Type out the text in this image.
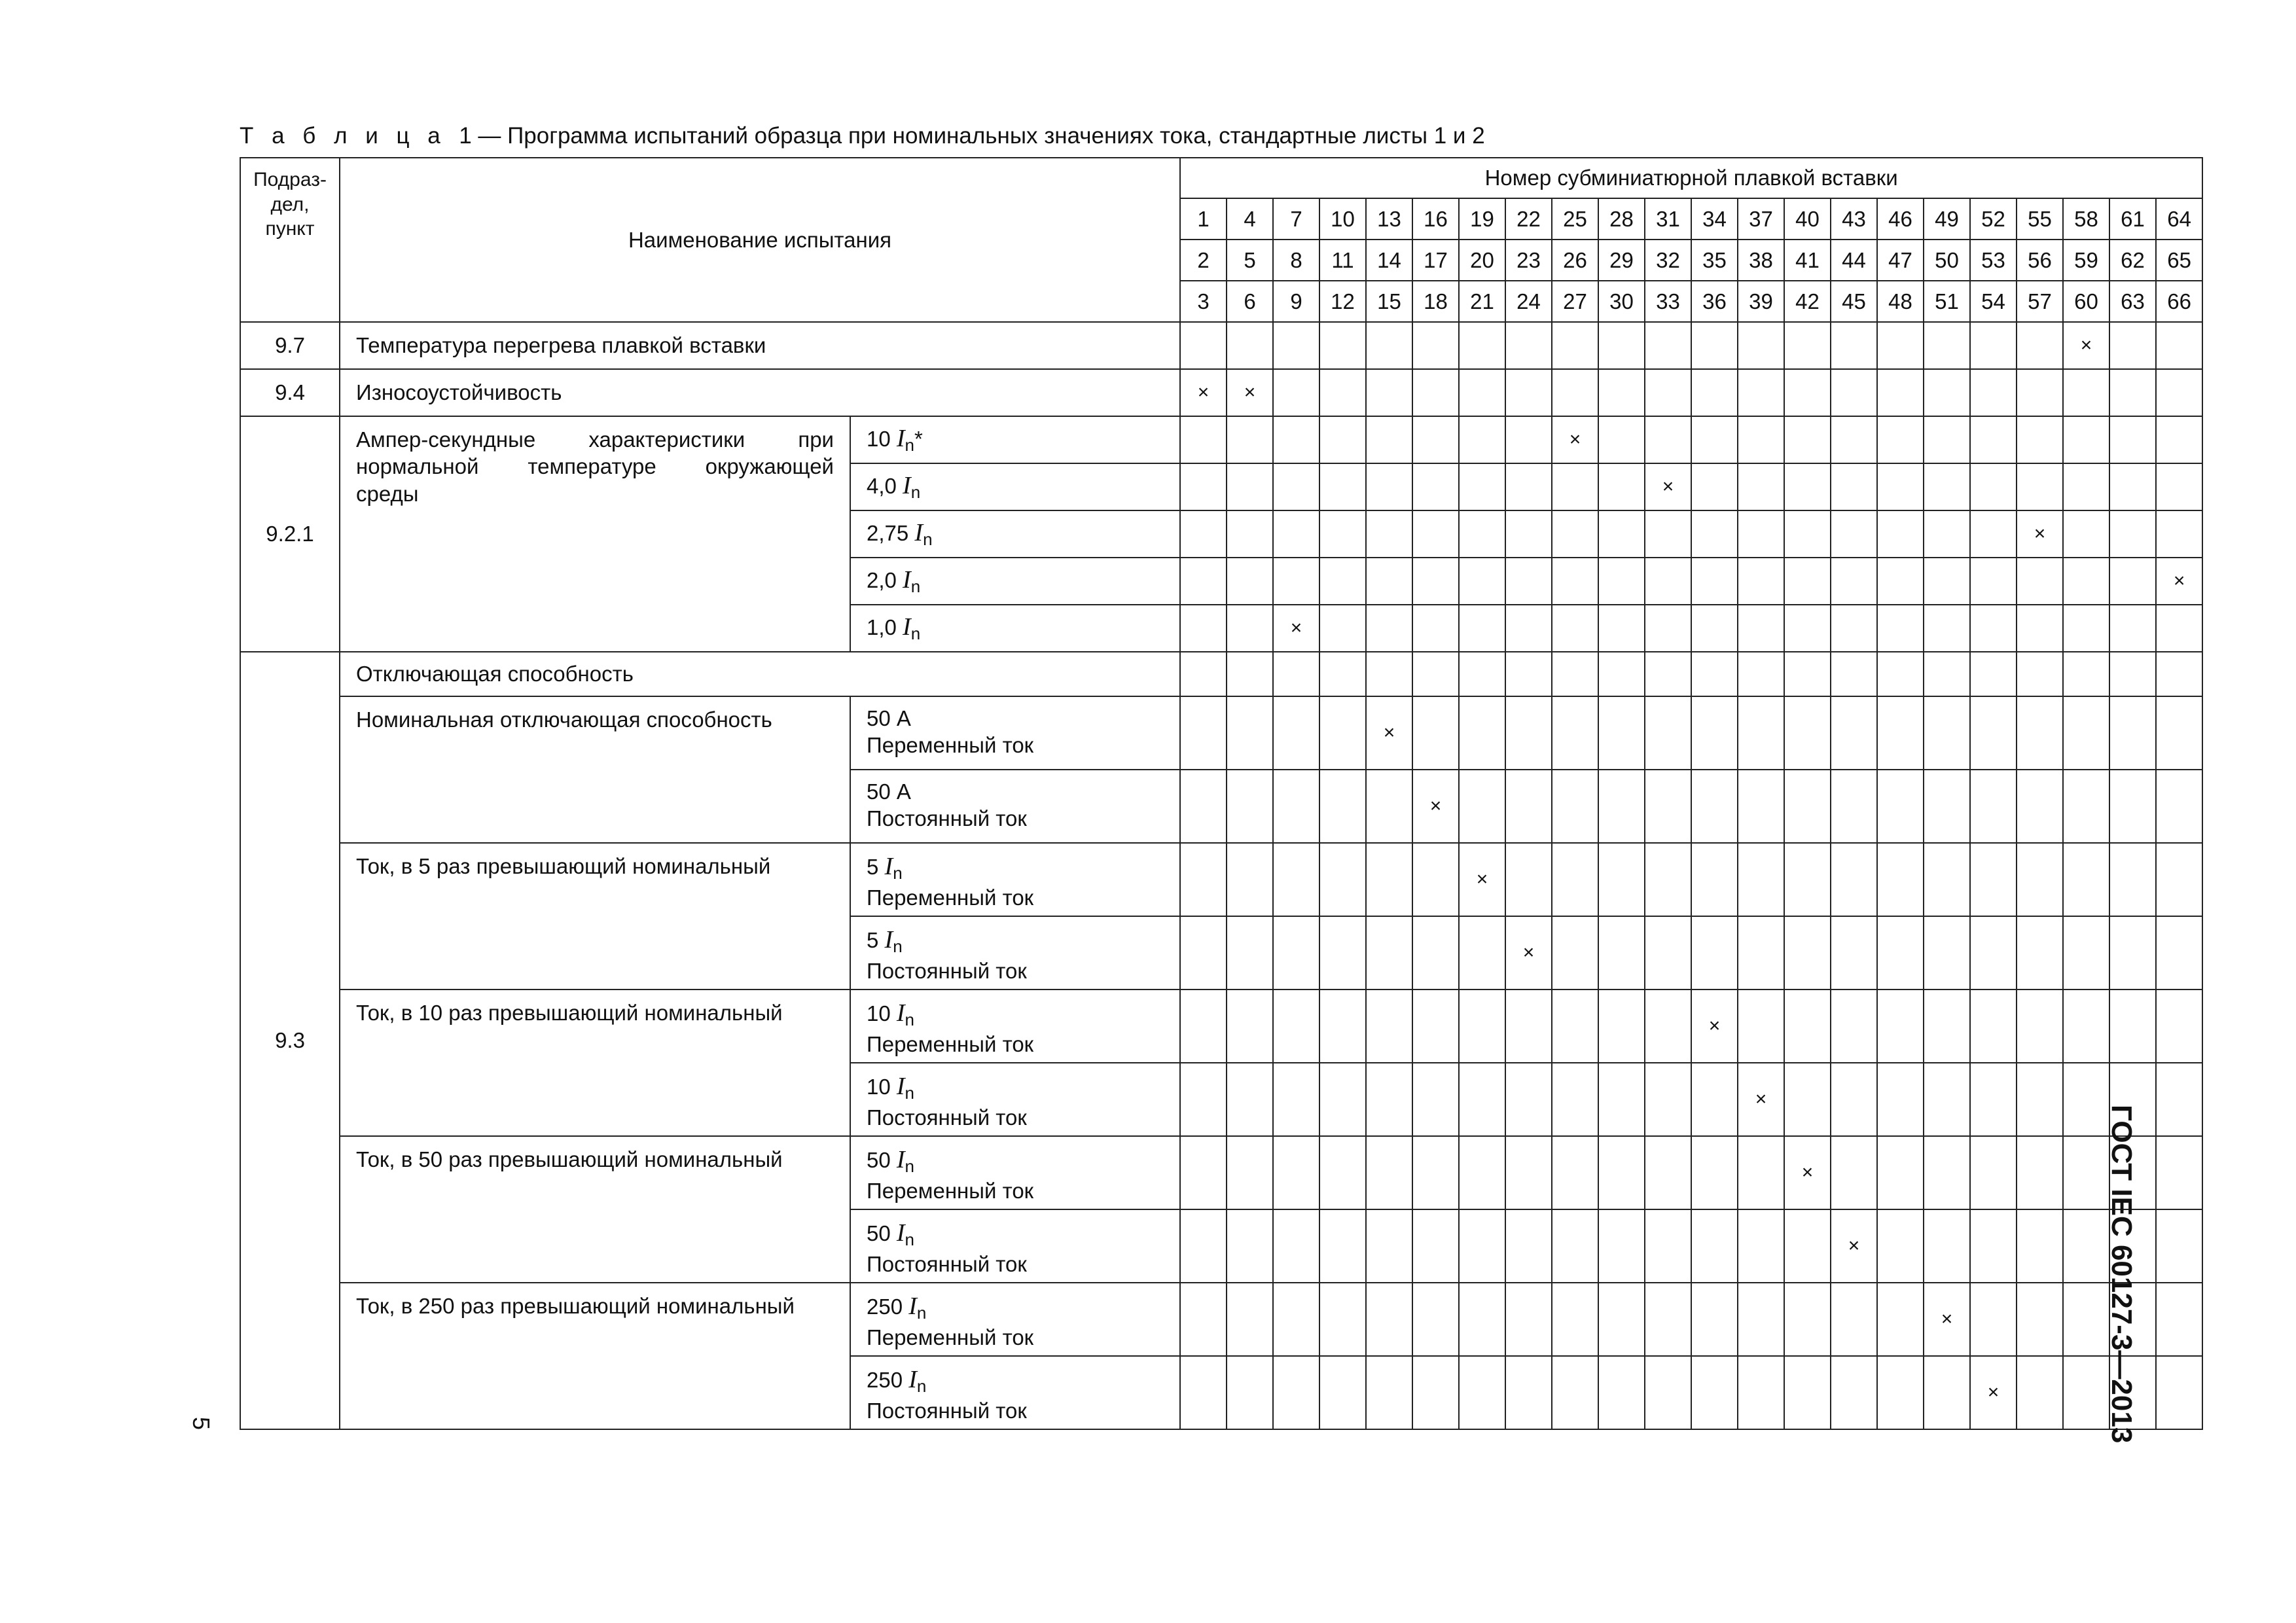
Т а б л и ц а 1 — Программа испытаний образца при номинальных значениях тока, стандартные листы 1 и 2
Подраз-
дел,
пункт	Наименование испытания		Номер субминиатюрной плавкой вставки																					
			1	4	7	10	13	16	19	22	25	28	31	34	37	40	43	46	49	52	55	58	61	64
			2	5	8	11	14	17	20	23	26	29	32	35	38	41	44	47	50	53	56	59	62	65
			3	6	9	12	15	18	21	24	27	30	33	36	39	42	45	48	51	54	57	60	63	66
9.7	Температура перегрева плавкой вставки																					×		
9.4	Износоустойчивость		×	×																				
9.2.1	Ампер-секундные характеристики при
нормальной температуре окружающей
среды	10 $I_n*$									×													
		4,0 $I_n$											×											
		2,75 $I_n$																			×			
		2,0 $I_n$																						×
		1,0 $I_n$			×																			
9.3	Отключающая способность																							
	Номинальная отключающая способность	50 А
Переменный ток					×																	

		50 А
Постоянный ток						×																
	Ток, в 5 раз превышающий номинальный	5 $I_n$
Переменный ток							×															

		5 $I_n$
Постоянный ток								×														
	Ток, в 10 раз превышающий номинальный	10 $I_n$
Переменный ток												×										

		10 $I_n$
Постоянный ток													×									
	Ток, в 50 раз превышающий номинальный	50 $I_n$
Переменный ток														×								

		50 $I_n$
Постоянный ток															×							
	Ток, в 250 раз превышающий номинальный	250 $I_n$
Переменный ток																	×					

		250 $I_n$
Постоянный ток																		×				
5	ГОСТ IEC 60127-3—2013
